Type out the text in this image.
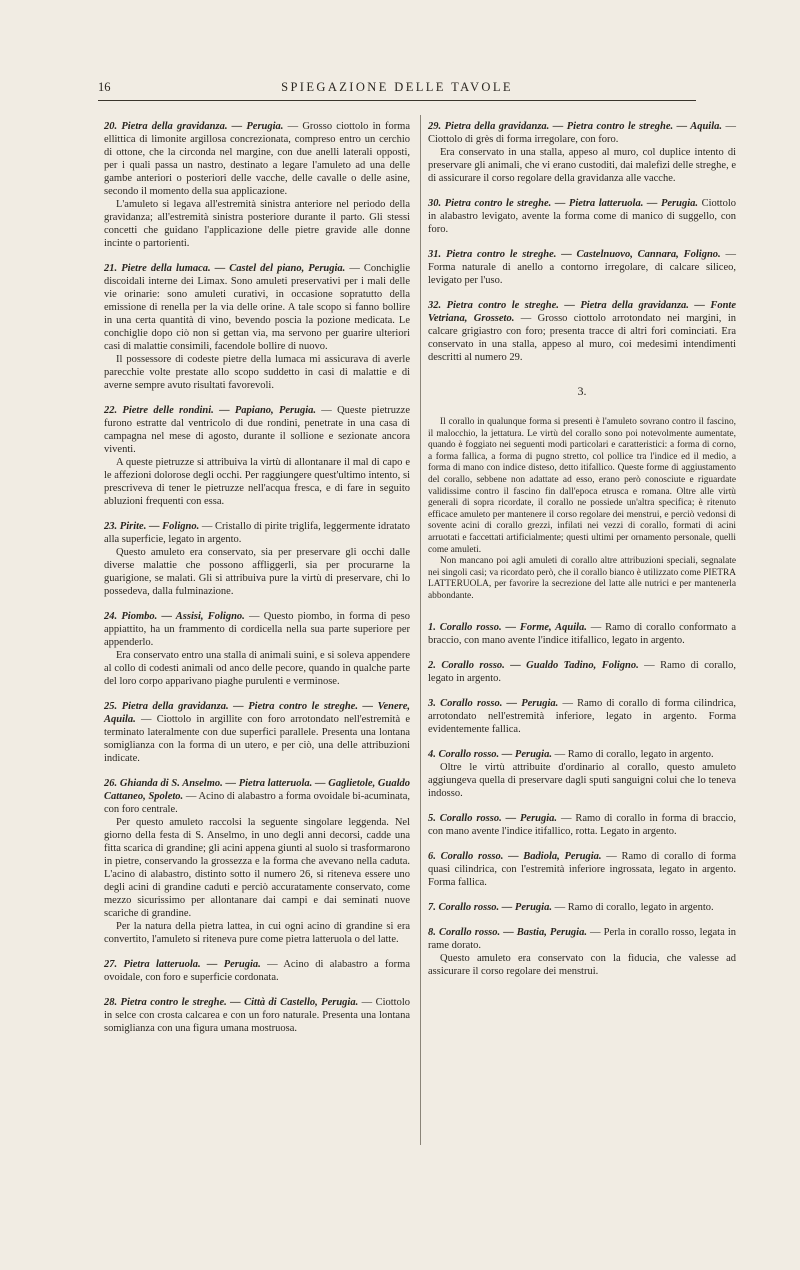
16	SPIEGAZIONE DELLE TAVOLE

20. Pietra della gravidanza. — Perugia. — Grosso ciottolo in forma ellittica di limonite argillosa concrezionata, compreso entro un cerchio di ottone, che la circonda nel margine, con due anelli laterali opposti, per i quali passa un nastro, destinato a legare l'amuleto ad una delle gambe anteriori o posteriori delle vacche, delle cavalle o delle asine, secondo il momento della sua applicazione.

L'amuleto si legava all'estremità sinistra anteriore nel periodo della gravidanza; all'estremità sinistra posteriore durante il parto. Gli stessi concetti che guidano l'applicazione delle pietre gravide alle donne incinte o partorienti.

21. Pietre della lumaca. — Castel del piano, Perugia. — Conchiglie discoidali interne dei Limax. Sono amuleti preservativi per i mali delle vie orinarie: sono amuleti curativi, in occasione sopratutto della emissione di renella per la via delle orine. A tale scopo si fanno bollire in una certa quantità di vino, bevendo poscia la pozione medicata. Le conchiglie dopo ciò non si gettan via, ma servono per guarire ulteriori casi di malattie consimili, facendole bollire di nuovo.

Il possessore di codeste pietre della lumaca mi assicurava di averle parecchie volte prestate allo scopo suddetto in casi di malattie e di averne sempre avuto risultati favorevoli.

22. Pietre delle rondini. — Papiano, Perugia. — Queste pietruzze furono estratte dal ventricolo di due rondini, penetrate in una casa di campagna nel mese di agosto, durante il sollione e sezionate ancora viventi.

A queste pietruzze si attribuiva la virtù di allontanare il mal di capo e le affezioni dolorose degli occhi. Per raggiungere quest'ultimo intento, si prescriveva di tener le pietruzze nell'acqua fresca, e di fare in seguito abluzioni frequenti con essa.

23. Pirite. — Foligno. — Cristallo di pirite triglifa, leggermente idratato alla superficie, legato in argento.

Questo amuleto era conservato, sia per preservare gli occhi dalle diverse malattie che possono affliggerli, sia per procurarne la guarigione, se malati. Gli si attribuiva pure la virtù di preservare, chi lo possedeva, dalla fulminazione.

24. Piombo. — Assisi, Foligno. — Questo piombo, in forma di peso appiattito, ha un frammento di cordicella nella sua parte superiore per appenderlo.

Era conservato entro una stalla di animali suini, e si soleva appendere al collo di codesti animali od anco delle pecore, quando in qualche parte del loro corpo apparivano piaghe purulenti e verminose.

25. Pietra della gravidanza. — Pietra contro le streghe. — Venere, Aquila. — Ciottolo in argillite con foro arrotondato nell'estremità e terminato lateralmente con due superfici parallele. Presenta una lontana somiglianza con la forma di un utero, e per ciò, una delle attribuzioni indicate.

26. Ghianda di S. Anselmo. — Pietra latteruola. — Gaglietole, Gualdo Cattaneo, Spoleto. — Acino di alabastro a forma ovoidale bi-acuminata, con foro centrale.

Per questo amuleto raccolsi la seguente singolare leggenda. Nel giorno della festa di S. Anselmo, in uno degli anni decorsi, cadde una fitta scarica di grandine; gli acini appena giunti al suolo si trasformarono in pietre, conservando la grossezza e la forma che avevano nella caduta. L'acino di alabastro, distinto sotto il numero 26, si riteneva essere uno degli acini di grandine caduti e perciò accuratamente conservato, come mezzo sicurissimo per allontanare dai campi e dai seminati nuove scariche di grandine.

Per la natura della pietra lattea, in cui ogni acino di grandine si era convertito, l'amuleto si riteneva pure come pietra latteruola o del latte.

27. Pietra latteruola. — Perugia. — Acino di alabastro a forma ovoidale, con foro e superficie cordonata.

28. Pietra contro le streghe. — Città di Castello, Perugia. — Ciottolo in selce con crosta calcarea e con un foro naturale. Presenta una lontana somiglianza con una figura umana mostruosa.

29. Pietra della gravidanza. — Pietra contro le streghe. — Aquila. — Ciottolo di grès di forma irregolare, con foro.

Era conservato in una stalla, appeso al muro, col duplice intento di preservare gli animali, che vi erano custoditi, dai malefizi delle streghe, e di assicurare il corso regolare della gravidanza alle vacche.

30. Pietra contro le streghe. — Pietra latteruola. — Perugia. Ciottolo in alabastro levigato, avente la forma come di manico di suggello, con foro.

31. Pietra contro le streghe. — Castelnuovo, Cannara, Foligno. — Forma naturale di anello a contorno irregolare, di calcare siliceo, levigato per l'uso.

32. Pietra contro le streghe. — Pietra della gravidanza. — Fonte Vetriana, Grosseto. — Grosso ciottolo arrotondato nei margini, in calcare grigiastro con foro; presenta tracce di altri fori cominciati. Era conservato in una stalla, appeso al muro, coi medesimi intendimenti descritti al numero 29.

3.

Il corallo in qualunque forma si presenti è l'amuleto sovrano contro il fascino, il malocchio, la jettatura. Le virtù del corallo sono poi notevolmente aumentate, quando è foggiato nei seguenti modi particolari e caratteristici: a forma di corno, a forma fallica, a forma di pugno stretto, col pollice tra l'indice ed il medio, a forma di mano con indice disteso, detto itifallico. Queste forme di aggiustamento del corallo, sebbene non adattate ad esso, erano però conosciute e riguardate validissime contro il fascino fin dall'epoca etrusca e romana. Oltre alle virtù generali di sopra ricordate, il corallo ne possiede un'altra specifica; è ritenuto efficace amuleto per mantenere il corso regolare dei menstrui, e perciò vedonsi di sovente acini di corallo grezzi, infilati nei vezzi di corallo, formati di acini arruotati e faccettati artificialmente; questi ultimi per ornamento personale, quelli come amuleti.

Non mancano poi agli amuleti di corallo altre attribuzioni speciali, segnalate nei singoli casi; va ricordato però, che il corallo bianco è utilizzato come PIETRA LATTERUOLA, per favorire la secrezione del latte alle nutrici e per mantenerla abbondante.

1. Corallo rosso. — Forme, Aquila. — Ramo di corallo conformato a braccio, con mano avente l'indice itifallico, legato in argento.

2. Corallo rosso. — Gualdo Tadino, Foligno. — Ramo di corallo, legato in argento.

3. Corallo rosso. — Perugia. — Ramo di corallo di forma cilindrica, arrotondato nell'estremità inferiore, legato in argento. Forma evidentemente fallica.

4. Corallo rosso. — Perugia. — Ramo di corallo, legato in argento.

Oltre le virtù attribuite d'ordinario al corallo, questo amuleto aggiungeva quella di preservare dagli sputi sanguigni colui che lo teneva indosso.

5. Corallo rosso. — Perugia. — Ramo di corallo in forma di braccio, con mano avente l'indice itifallico, rotta. Legato in argento.

6. Corallo rosso. — Badiola, Perugia. — Ramo di corallo di forma quasi cilindrica, con l'estremità inferiore ingrossata, legato in argento. Forma fallica.

7. Corallo rosso. — Perugia. — Ramo di corallo, legato in argento.

8. Corallo rosso. — Bastia, Perugia. — Perla in corallo rosso, legata in rame dorato.

Questo amuleto era conservato con la fiducia, che valesse ad assicurare il corso regolare dei menstrui.
